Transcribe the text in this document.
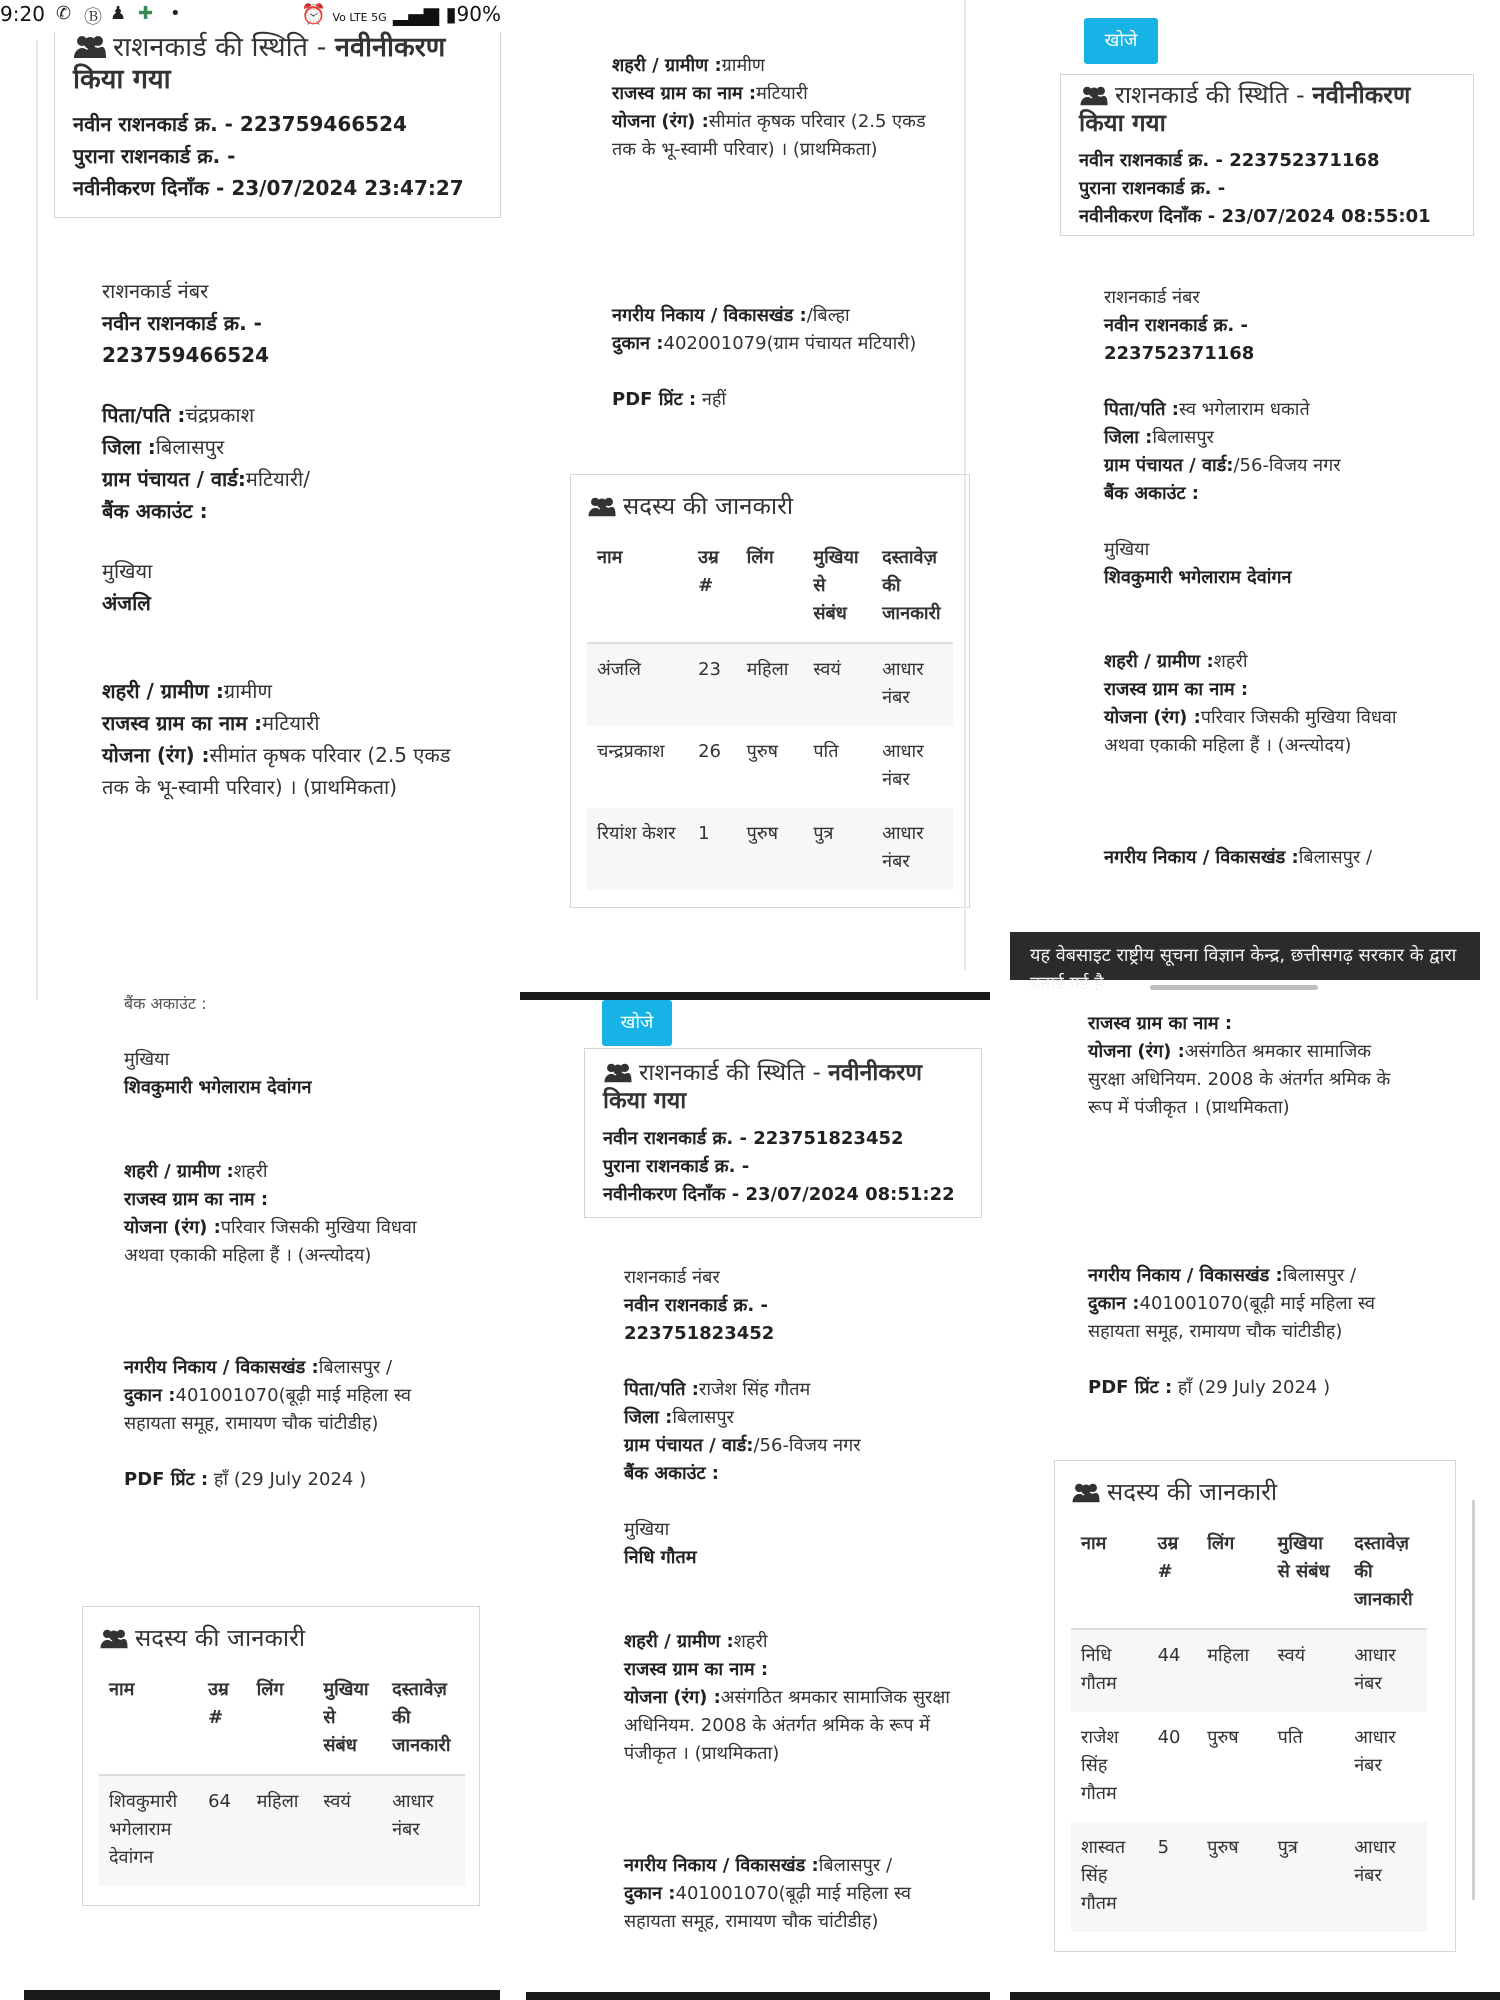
9:20 ✆ Ⓑ ♟ ✚ •	⏰ Vo LTE 5G ▂▄▆ ▮90%
राशनकार्ड की स्थिति - नवीनीकरण किया गया
नवीन राशनकार्ड क्र. - 223759466524
पुराना राशनकार्ड क्र. -
नवीनीकरण दिनाँक - 23/07/2024 23:47:27
राशनकार्ड नंबर
नवीन राशनकार्ड क्र. -
223759466524
पिता/पति :चंद्रप्रकाश
जिला :बिलासपुर
ग्राम पंचायत / वार्ड:मटियारी/
बैंक अकाउंट :
मुखिया
अंजलि
शहरी / ग्रामीण :ग्रामीण
राजस्व ग्राम का नाम :मटियारी
योजना (रंग) :सीमांत कृषक परिवार (2.5 एकड तक के भू-स्वामी परिवार) । (प्राथमिकता)
शहरी / ग्रामीण :ग्रामीण
राजस्व ग्राम का नाम :मटियारी
योजना (रंग) :सीमांत कृषक परिवार (2.5 एकड तक के भू-स्वामी परिवार) । (प्राथमिकता)
नगरीय निकाय / विकासखंड :/बिल्हा
दुकान :402001079(ग्राम पंचायत मटियारी)
PDF प्रिंट : नहीं
सदस्य की जानकारी
नाम	उम्र #	लिंग	मुखिया से संबंध	दस्तावेज़ की जानकारी
अंजलि	23	महिला	स्वयं	आधार नंबर
चन्द्रप्रकाश	26	पुरुष	पति	आधार नंबर
रियांश केशर	1	पुरुष	पुत्र	आधार नंबर
खोजे
राशनकार्ड की स्थिति - नवीनीकरण किया गया
नवीन राशनकार्ड क्र. - 223752371168
पुराना राशनकार्ड क्र. -
नवीनीकरण दिनाँक - 23/07/2024 08:55:01
राशनकार्ड नंबर
नवीन राशनकार्ड क्र. -
223752371168
पिता/पति :स्व भगेलाराम धकाते
जिला :बिलासपुर
ग्राम पंचायत / वार्ड:/56-विजय नगर
बैंक अकाउंट :
मुखिया
शिवकुमारी भगेलाराम देवांगन
शहरी / ग्रामीण :शहरी
राजस्व ग्राम का नाम :
योजना (रंग) :परिवार जिसकी मुखिया विधवा अथवा एकाकी महिला हैं । (अन्त्योदय)
नगरीय निकाय / विकासखंड :बिलासपुर /
यह वेबसाइट राष्ट्रीय सूचना विज्ञान केन्द्र, छत्तीसगढ़ सरकार के द्वारा बनाई गई है
बैंक अकाउंट :
मुखिया
शिवकुमारी भगेलाराम देवांगन
शहरी / ग्रामीण :शहरी
राजस्व ग्राम का नाम :
योजना (रंग) :परिवार जिसकी मुखिया विधवा अथवा एकाकी महिला हैं । (अन्त्योदय)
नगरीय निकाय / विकासखंड :बिलासपुर /
दुकान :401001070(बूढ़ी माई महिला स्व सहायता समूह, रामायण चौक चांटीडीह)
PDF प्रिंट : हाँ (29 July 2024 )
सदस्य की जानकारी
नाम	उम्र #	लिंग	मुखिया से संबंध	दस्तावेज़ की जानकारी
शिवकुमारी भगेलाराम देवांगन	64	महिला	स्वयं	आधार नंबर
खोजे
राशनकार्ड की स्थिति - नवीनीकरण किया गया
नवीन राशनकार्ड क्र. - 223751823452
पुराना राशनकार्ड क्र. -
नवीनीकरण दिनाँक - 23/07/2024 08:51:22
राशनकार्ड नंबर
नवीन राशनकार्ड क्र. -
223751823452
पिता/पति :राजेश सिंह गौतम
जिला :बिलासपुर
ग्राम पंचायत / वार्ड:/56-विजय नगर
बैंक अकाउंट :
मुखिया
निधि गौतम
शहरी / ग्रामीण :शहरी
राजस्व ग्राम का नाम :
योजना (रंग) :असंगठित श्रमकार सामाजिक सुरक्षा अधिनियम. 2008 के अंतर्गत श्रमिक के रूप में पंजीकृत । (प्राथमिकता)
नगरीय निकाय / विकासखंड :बिलासपुर /
दुकान :401001070(बूढ़ी माई महिला स्व सहायता समूह, रामायण चौक चांटीडीह)
राजस्व ग्राम का नाम :
योजना (रंग) :असंगठित श्रमकार सामाजिक सुरक्षा अधिनियम. 2008 के अंतर्गत श्रमिक के रूप में पंजीकृत । (प्राथमिकता)
नगरीय निकाय / विकासखंड :बिलासपुर /
दुकान :401001070(बूढ़ी माई महिला स्व सहायता समूह, रामायण चौक चांटीडीह)
PDF प्रिंट : हाँ (29 July 2024 )
सदस्य की जानकारी
नाम	उम्र #	लिंग	मुखिया से संबंध	दस्तावेज़ की जानकारी
निधि गौतम	44	महिला	स्वयं	आधार नंबर
राजेश सिंह गौतम	40	पुरुष	पति	आधार नंबर
शास्वत सिंह गौतम	5	पुरुष	पुत्र	आधार नंबर
